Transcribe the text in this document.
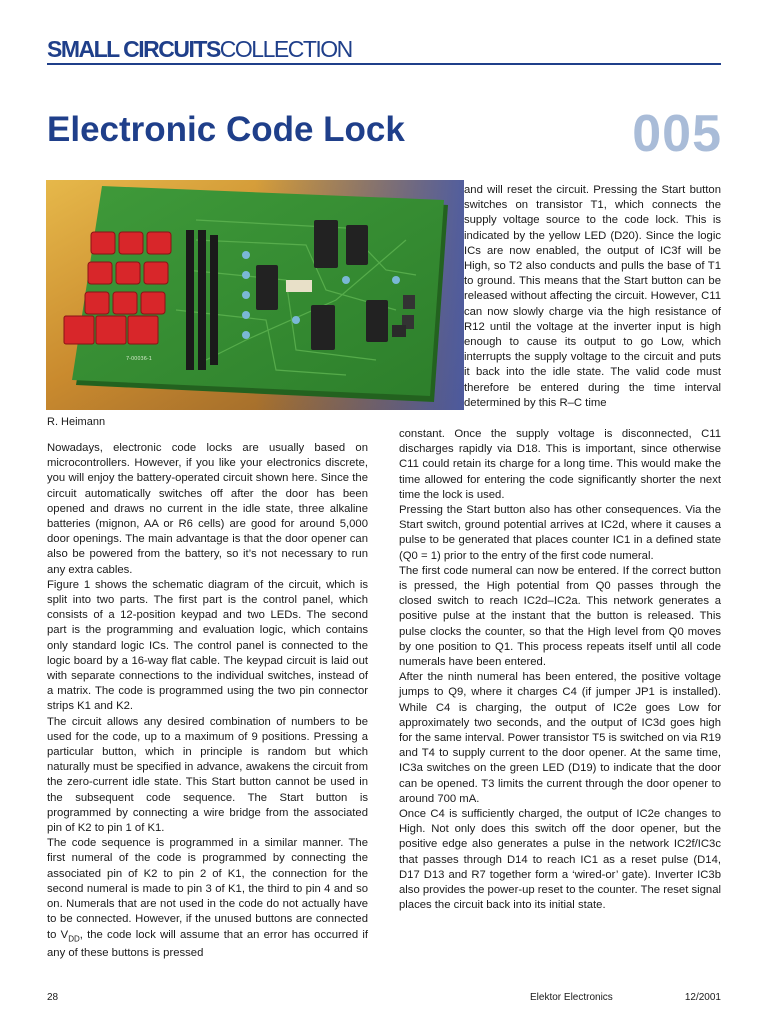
SMALL CIRCUITSCOLLECTION
Electronic Code Lock	005
7-00036-1
R. Heimann

Nowadays, electronic code locks are usually based on microcontrollers. However, if you like your electronics discrete, you will enjoy the battery-operated circuit shown here. Since the circuit automatically switches off after the door has been opened and draws no current in the idle state, three alkaline batteries (mignon, AA or R6 cells) are good for around 5,000 door openings. The main advantage is that the door opener can also be powered from the battery, so it’s not necessary to run any extra cables.

Figure 1 shows the schematic diagram of the circuit, which is split into two parts. The first part is the control panel, which consists of a 12-position keypad and two LEDs. The second part is the programming and evaluation logic, which contains only standard logic ICs. The control panel is connected to the logic board by a 16-way flat cable. The keypad circuit is laid out with separate connections to the individual switches, instead of a matrix. The code is programmed using the two pin connector strips K1 and K2.

The circuit allows any desired combination of numbers to be used for the code, up to a maximum of 9 positions. Pressing a particular button, which in principle is random but which naturally must be specified in advance, awakens the circuit from the zero-current idle state. This Start button cannot be used in the subsequent code sequence. The Start button is programmed by connecting a wire bridge from the associated pin of K2 to pin 1 of K1.

The code sequence is programmed in a similar manner. The first numeral of the code is programmed by connecting the associated pin of K2 to pin 2 of K1, the connection for the second numeral is made to pin 3 of K1, the third to pin 4 and so on. Numerals that are not used in the code do not actually have to be connected. However, if the unused buttons are connected to $V_{DD}$, the code lock will assume that an error has occurred if any of these buttons is pressed

and will reset the circuit. Pressing the Start button switches on transistor T1, which connects the supply voltage source to the code lock. This is indicated by the yellow LED (D20). Since the logic ICs are now enabled, the output of IC3f will be High, so T2 also conducts and pulls the base of T1 to ground. This means that the Start button can be released without affecting the circuit. However, C11 can now slowly charge via the high resistance of R12 until the voltage at the inverter input is high enough to cause its output to go Low, which interrupts the supply voltage to the circuit and puts it back into the idle state. The valid code must therefore be entered during the time interval determined by this R–C time

constant. Once the supply voltage is disconnected, C11 discharges rapidly via D18. This is important, since otherwise C11 could retain its charge for a long time. This would make the time allowed for entering the code significantly shorter the next time the lock is used.

Pressing the Start button also has other consequences. Via the Start switch, ground potential arrives at IC2d, where it causes a pulse to be generated that places counter IC1 in a defined state (Q0 = 1) prior to the entry of the first code numeral.

The first code numeral can now be entered. If the correct button is pressed, the High potential from Q0 passes through the closed switch to reach IC2d–IC2a. This network generates a positive pulse at the instant that the button is released. This pulse clocks the counter, so that the High level from Q0 moves by one position to Q1. This process repeats itself until all code numerals have been entered.

After the ninth numeral has been entered, the positive voltage jumps to Q9, where it charges C4 (if jumper JP1 is installed). While C4 is charging, the output of IC2e goes Low for approximately two seconds, and the output of IC3d goes high for the same interval. Power transistor T5 is switched on via R19 and T4 to supply current to the door opener. At the same time, IC3a switches on the green LED (D19) to indicate that the door can be opened. T3 limits the current through the door opener to around 700 mA.

Once C4 is sufficiently charged, the output of IC2e changes to High. Not only does this switch off the door opener, but the positive edge also generates a pulse in the network IC2f/IC3c that passes through D14 to reach IC1 as a reset pulse (D14, D17 D13 and R7 together form a ‘wired-or’ gate). Inverter IC3b also provides the power-up reset to the counter. The reset signal places the circuit back into its initial state.

28	Elektor Electronics	12/2001
